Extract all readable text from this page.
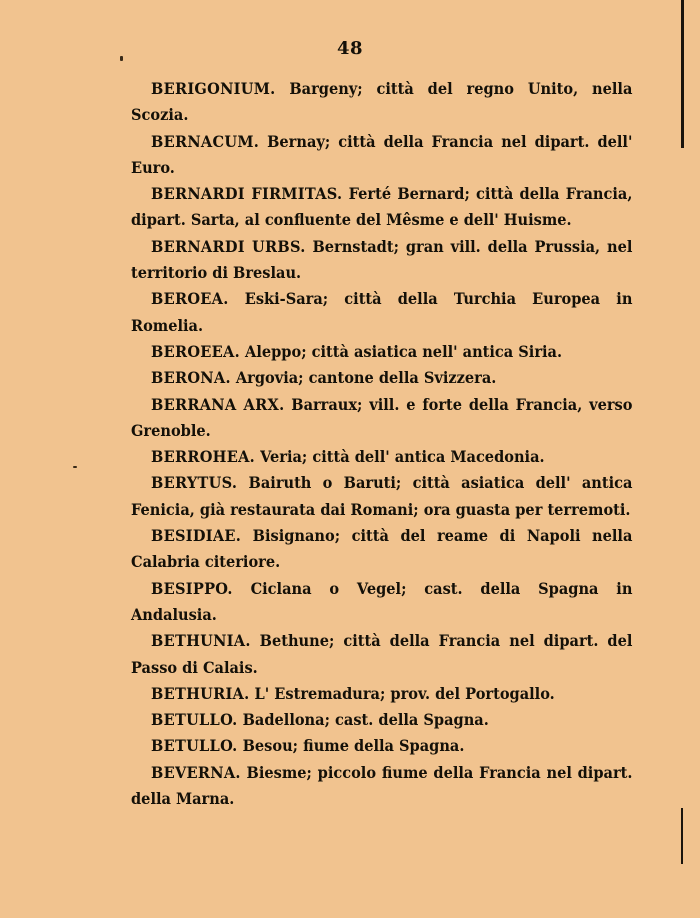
48

BERIGONIUM. Bargeny; città del regno Unito, nella Scozia.

BERNACUM. Bernay; città della Francia nel dipart. dell' Euro.

BERNARDI FIRMITAS. Ferté Bernard; città della Francia, dipart. Sarta, al confluente del Mêsme e dell' Huisme.

BERNARDI URBS. Bernstadt; gran vill. della Prussia, nel territorio di Breslau.

BEROEA. Eski-Sara; città della Turchia Europea in Romelia.

BEROEEA. Aleppo; città asiatica nell' antica Siria.

BERONA. Argovia; cantone della Svizzera.

BERRANA ARX. Barraux; vill. e forte della Francia, verso Grenoble.

BERROHEA. Veria; città dell' antica Macedonia.

BERYTUS. Bairuth o Baruti; città asiatica dell' antica Fenicia, già restaurata dai Romani; ora guasta per terremoti.

BESIDIAE. Bisignano; città del reame di Napoli nella Calabria citeriore.

BESIPPO. Ciclana o Vegel; cast. della Spagna in Andalusia.

BETHUNIA. Bethune; città della Francia nel dipart. del Passo di Calais.

BETHURIA. L' Estremadura; prov. del Portogallo.

BETULLO. Badellona; cast. della Spagna.

BETULLO. Besou; fiume della Spagna.

BEVERNA. Biesme; piccolo fiume della Francia nel dipart. della Marna.
